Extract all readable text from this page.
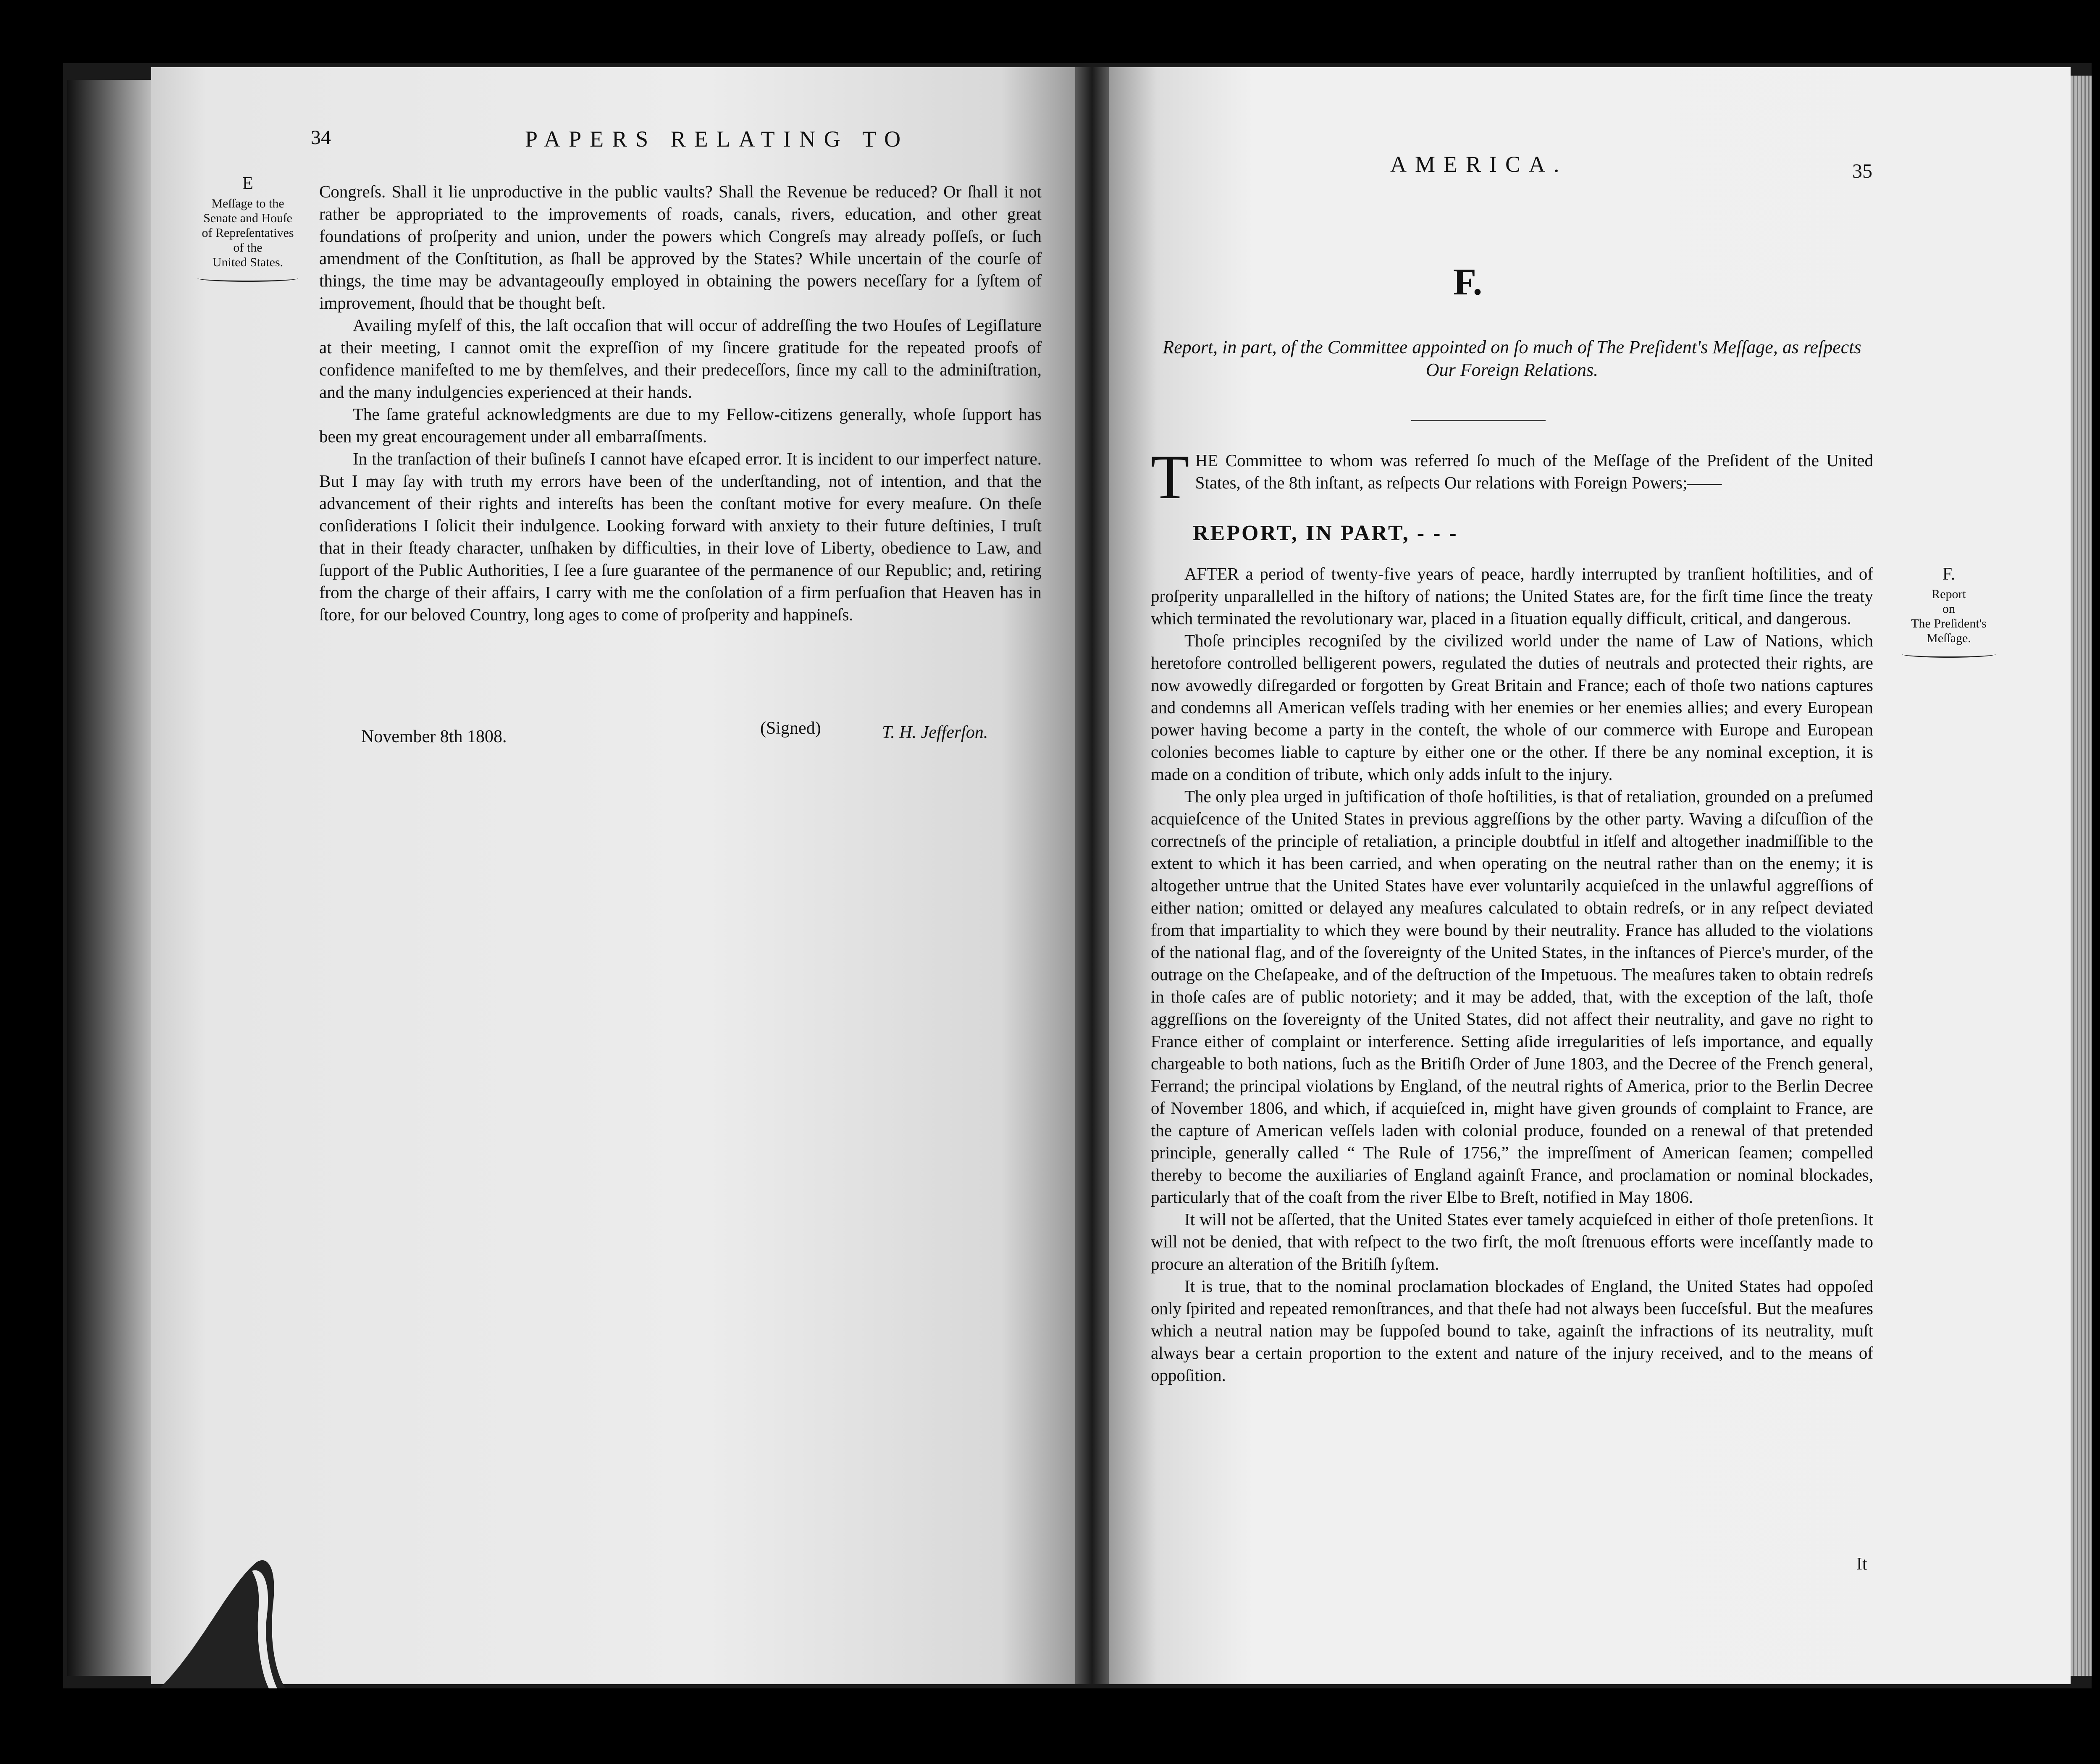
34	PAPERS RELATING TO
E
Meſſage to the
Senate and Houſe
of Repreſentatives
of the
United States.

Congreſs. Shall it lie unproductive in the public vaults? Shall the Revenue be reduced? Or ſhall it not rather be appropriated to the improvements of roads, canals, rivers, education, and other great foundations of proſperity and union, under the powers which Congreſs may already poſſeſs, or ſuch amendment of the Conſtitution, as ſhall be approved by the States? While uncertain of the courſe of things, the time may be advantageouſly employed in obtaining the powers neceſſary for a ſyſtem of improvement, ſhould that be thought beſt.

Availing myſelf of this, the laſt occaſion that will occur of addreſſing the two Houſes of Legiſlature at their meeting, I cannot omit the expreſſion of my ſincere gratitude for the repeated proofs of confidence manifeſted to me by themſelves, and their predeceſſors, ſince my call to the adminiſtration, and the many indulgencies experienced at their hands.

The ſame grateful acknowledgments are due to my Fellow-citizens generally, whoſe ſupport has been my great encouragement under all embarraſſments.

In the tranſaction of their buſineſs I cannot have eſcaped error. It is incident to our imperfect nature. But I may ſay with truth my errors have been of the underſtanding, not of intention, and that the advancement of their rights and intereſts has been the conſtant motive for every meaſure. On theſe conſiderations I ſolicit their indulgence. Looking forward with anxiety to their future deſtinies, I truſt that in their ſteady character, unſhaken by difficulties, in their love of Liberty, obedience to Law, and ſupport of the Public Authorities, I ſee a ſure guarantee of the permanence of our Republic; and, retiring from the charge of their affairs, I carry with me the conſolation of a firm perſuaſion that Heaven has in ſtore, for our beloved Country, long ages to come of proſperity and happineſs.

November 8th 1808.	(Signed)	T. H. Jefferſon.
AMERICA.	35
F.
Report, in part, of the Committee appointed on ſo much of The Preſident's Meſſage, as reſpects Our Foreign Relations.
T HE Committee to whom was referred ſo much of the Meſſage of the Preſident of the United States, of the 8th inſtant, as reſpects Our relations with Foreign Powers;——
REPORT, IN PART, - - -
F.
Report
on
The Preſident's
Meſſage.

AFTER a period of twenty-five years of peace, hardly interrupted by tranſient hoſtilities, and of proſperity unparallelled in the hiſtory of nations; the United States are, for the firſt time ſince the treaty which terminated the revolutionary war, placed in a ſituation equally difficult, critical, and dangerous.

Thoſe principles recogniſed by the civilized world under the name of Law of Nations, which heretofore controlled belligerent powers, regulated the duties of neutrals and protected their rights, are now avowedly diſregarded or forgotten by Great Britain and France; each of thoſe two nations captures and condemns all American veſſels trading with her enemies or her enemies allies; and every European power having become a party in the conteſt, the whole of our commerce with Europe and European colonies becomes liable to capture by either one or the other. If there be any nominal exception, it is made on a condition of tribute, which only adds inſult to the injury.

The only plea urged in juſtification of thoſe hoſtilities, is that of retaliation, grounded on a preſumed acquieſcence of the United States in previous aggreſſions by the other party. Waving a diſcuſſion of the correctneſs of the principle of retaliation, a principle doubtful in itſelf and altogether inadmiſſible to the extent to which it has been carried, and when operating on the neutral rather than on the enemy; it is altogether untrue that the United States have ever voluntarily acquieſced in the unlawful aggreſſions of either nation; omitted or delayed any meaſures calculated to obtain redreſs, or in any reſpect deviated from that impartiality to which they were bound by their neutrality. France has alluded to the violations of the national flag, and of the ſovereignty of the United States, in the inſtances of Pierce's murder, of the outrage on the Cheſapeake, and of the deſtruction of the Impetuous. The meaſures taken to obtain redreſs in thoſe caſes are of public notoriety; and it may be added, that, with the exception of the laſt, thoſe aggreſſions on the ſovereignty of the United States, did not affect their neutrality, and gave no right to France either of complaint or interference. Setting aſide irregularities of leſs importance, and equally chargeable to both nations, ſuch as the Britiſh Order of June 1803, and the Decree of the French general, Ferrand; the principal violations by England, of the neutral rights of America, prior to the Berlin Decree of November 1806, and which, if acquieſced in, might have given grounds of complaint to France, are the capture of American veſſels laden with colonial produce, founded on a renewal of that pretended principle, generally called “ The Rule of 1756,” the impreſſment of American ſeamen; compelled thereby to become the auxiliaries of England againſt France, and proclamation or nominal blockades, particularly that of the coaſt from the river Elbe to Breſt, notified in May 1806.

It will not be aſſerted, that the United States ever tamely acquieſced in either of thoſe pretenſions. It will not be denied, that with reſpect to the two firſt, the moſt ſtrenuous efforts were inceſſantly made to procure an alteration of the Britiſh ſyſtem.

It is true, that to the nominal proclamation blockades of England, the United States had oppoſed only ſpirited and repeated remonſtrances, and that theſe had not always been ſucceſsful. But the meaſures which a neutral nation may be ſuppoſed bound to take, againſt the infractions of its neutrality, muſt always bear a certain proportion to the extent and nature of the injury received, and to the means of oppoſition.

It
